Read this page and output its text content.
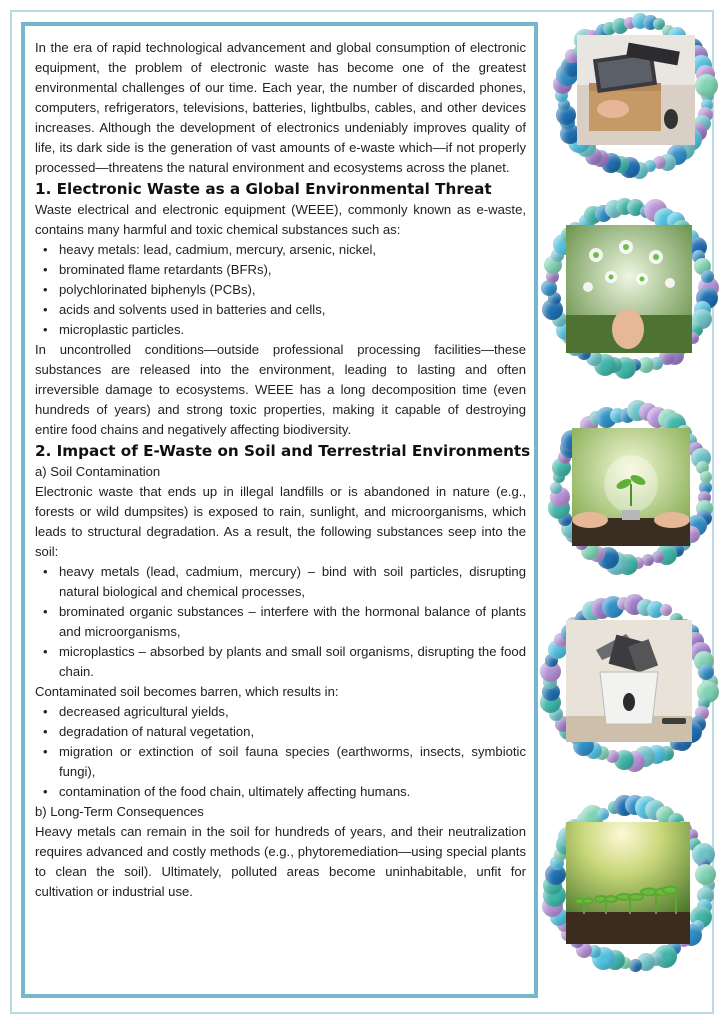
In the era of rapid technological advancement and global consumption of electronic equipment, the problem of electronic waste has become one of the greatest environmental challenges of our time. Each year, the number of discarded phones, computers, refrigerators, televisions, batteries, lightbulbs, cables, and other devices increases. Although the development of electronics undeniably improves quality of life, its dark side is the generation of vast amounts of e-waste which—if not properly processed—threatens the natural environment and ecosystems across the planet.

1. Electronic Waste as a Global Environmental Threat

Waste electrical and electronic equipment (WEEE), commonly known as e-waste, contains many harmful and toxic chemical substances such as:

• heavy metals: lead, cadmium, mercury, arsenic, nickel,
• brominated flame retardants (BFRs),
• polychlorinated biphenyls (PCBs),
• acids and solvents used in batteries and cells,
• microplastic particles.

In uncontrolled conditions—outside professional processing facilities—these substances are released into the environment, leading to lasting and often irreversible damage to ecosystems. WEEE has a long decomposition time (even hundreds of years) and strong toxic properties, making it capable of destroying entire food chains and negatively affecting biodiversity.

2. Impact of E-Waste on Soil and Terrestrial Environments
a) Soil Contamination

Electronic waste that ends up in illegal landfills or is abandoned in nature (e.g., forests or wild dumpsites) is exposed to rain, sunlight, and microorganisms, which leads to structural degradation. As a result, the following substances seep into the soil:

• heavy metals (lead, cadmium, mercury) – bind with soil particles, disrupting natural biological and chemical processes,
• brominated organic substances – interfere with the hormonal balance of plants and microorganisms,
• microplastics – absorbed by plants and small soil organisms, disrupting the food chain.

Contaminated soil becomes barren, which results in:

• decreased agricultural yields,
• degradation of natural vegetation,
• migration or extinction of soil fauna species (earthworms, insects, symbiotic fungi),
• contamination of the food chain, ultimately affecting humans.
b) Long-Term Consequences

Heavy metals can remain in the soil for hundreds of years, and their neutralization requires advanced and costly methods (e.g., phytoremediation—using special plants to clean the soil). Ultimately, polluted areas become uninhabitable, unfit for cultivation or industrial use.
